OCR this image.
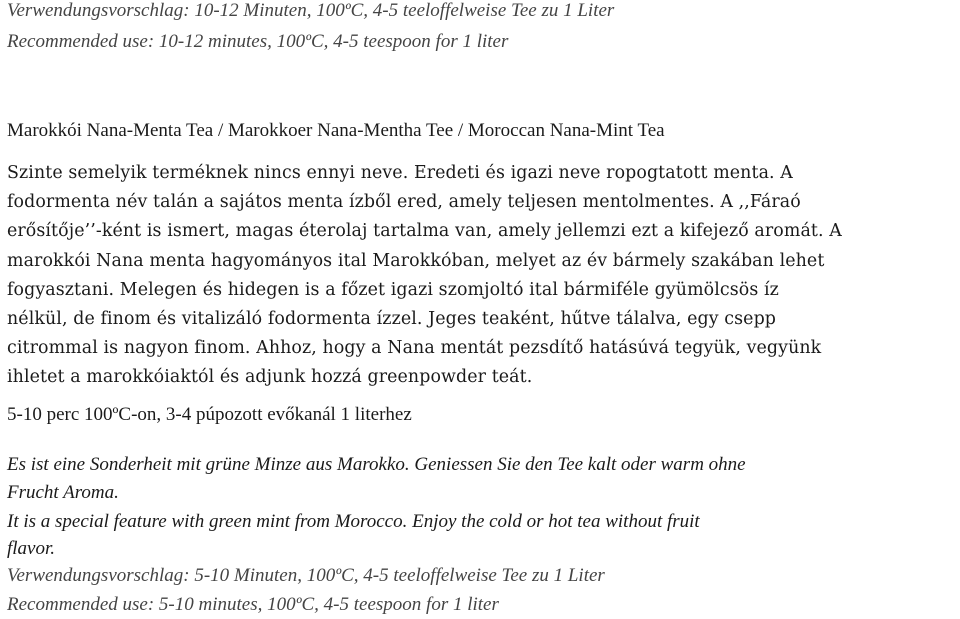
Verwendungsvorschlag: 10-12 Minuten, 100ºC, 4-5 teeloffelweise Tee zu 1 Liter
Recommended use: 10-12 minutes, 100ºC, 4-5 teespoon for 1 liter
Marokkói Nana-Menta Tea / Marokkoer Nana-Mentha Tee / Moroccan Nana-Mint Tea
Szinte semelyik terméknek nincs ennyi neve. Eredeti és igazi neve ropogtatott menta. A
fodormenta név talán a sajátos menta ízből ered, amely teljesen mentolmentes. A ,,Fáraó
erősítője’’-ként is ismert, magas éterolaj tartalma van, amely jellemzi ezt a kifejező aromát. A
marokkói Nana menta hagyományos ital Marokkóban, melyet az év bármely szakában lehet
fogyasztani. Melegen és hidegen is a főzet igazi szomjoltó ital bármiféle gyümölcsös íz
nélkül, de finom és vitalizáló fodormenta ízzel. Jeges teaként, hűtve tálalva, egy csepp
citrommal is nagyon finom. Ahhoz, hogy a Nana mentát pezsdítő hatásúvá tegyük, vegyünk
ihletet a marokkóiaktól és adjunk hozzá greenpowder teát.
5-10 perc 100ºC-on, 3-4 púpozott evőkanál 1 literhez
Es ist eine Sonderheit mit grüne Minze aus Marokko. Geniessen Sie den Tee kalt oder warm ohne
Frucht Aroma.
It is a special feature with green mint from Morocco. Enjoy the cold or hot tea without fruit
flavor.
Verwendungsvorschlag: 5-10 Minuten, 100ºC, 4-5 teeloffelweise Tee zu 1 Liter
Recommended use: 5-10 minutes, 100ºC, 4-5 teespoon for 1 liter
